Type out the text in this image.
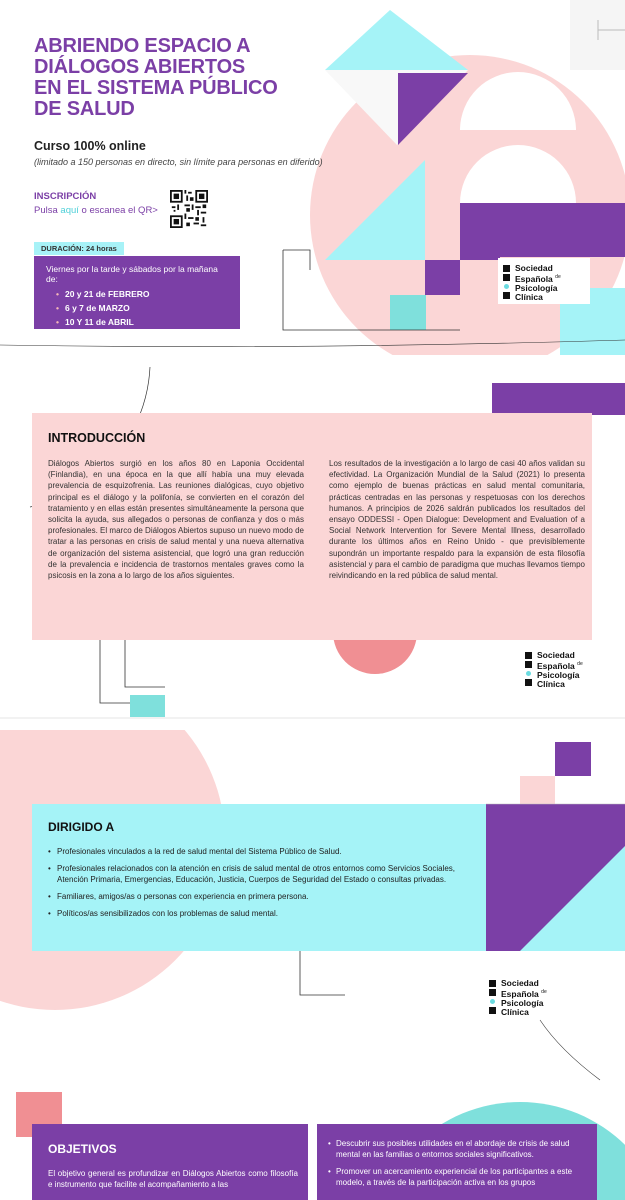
ABRIENDO ESPACIO A
DIÁLOGOS ABIERTOS
EN EL SISTEMA PÚBLICO
DE SALUD
Curso 100% online
(limitado a 150 personas en directo, sin límite para personas en diferido)
INSCRIPCIÓN
Pulsa aquí o escanea el QR>
DURACIÓN: 24 horas
Viernes por la tarde y sábados por la mañana de:
• 20 y 21 de FEBRERO
• 6 y 7 de MARZO
• 10 Y 11 de ABRIL
Sociedad
Española $^{de}$
Psicología
Clínica
INTRODUCCIÓN
Diálogos Abiertos surgió en los años 80 en Laponia Occidental (Finlandia), en una época en la que allí había una muy elevada prevalencia de esquizofrenia. Las reuniones dialógicas, cuyo objetivo principal es el diálogo y la polifonía, se convierten en el corazón del tratamiento y en ellas están presentes simultáneamente la persona que solicita la ayuda, sus allegados o personas de confianza y dos o más profesionales. El marco de Diálogos Abiertos supuso un nuevo modo de tratar a las personas en crisis de salud mental y una nueva alternativa de organización del sistema asistencial, que logró una gran reducción de la prevalencia e incidencia de trastornos mentales graves como la psicosis en la zona a lo largo de los años siguientes.
Los resultados de la investigación a lo largo de casi 40 años validan su efectividad. La Organización Mundial de la Salud (2021) lo presenta como ejemplo de buenas prácticas en salud mental comunitaria, prácticas centradas en las personas y respetuosas con los derechos humanos. A principios de 2026 saldrán publicados los resultados del ensayo ODDESSI - Open Dialogue: Development and Evaluation of a Social Network Intervention for Severe Mental Illness, desarrollado durante los últimos años en Reino Unido - que previsiblemente supondrán un importante respaldo para la expansión de esta filosofía asistencial y para el cambio de paradigma que muchas llevamos tiempo reivindicando en la red pública de salud mental.
Sociedad
Española $^{de}$
Psicología
Clínica
DIRIGIDO A
• Profesionales vinculados a la red de salud mental del Sistema Público de Salud.
• Profesionales relacionados con la atención en crisis de salud mental de otros entornos como Servicios Sociales, Atención Primaria, Emergencias, Educación, Justicia, Cuerpos de Seguridad del Estado o consultas privadas.
• Familiares, amigos/as o personas con experiencia en primera persona.
• Políticos/as sensibilizados con los problemas de salud mental.
Sociedad
Española $^{de}$
Psicología
Clínica
OBJETIVOS
El objetivo general es profundizar en Diálogos Abiertos como filosofía e instrumento que facilite el acompañamiento a las
• Descubrir sus posibles utilidades en el abordaje de crisis de salud mental en las familias o entornos sociales significativos.
• Promover un acercamiento experiencial de los participantes a este modelo, a través de la participación activa en los grupos
